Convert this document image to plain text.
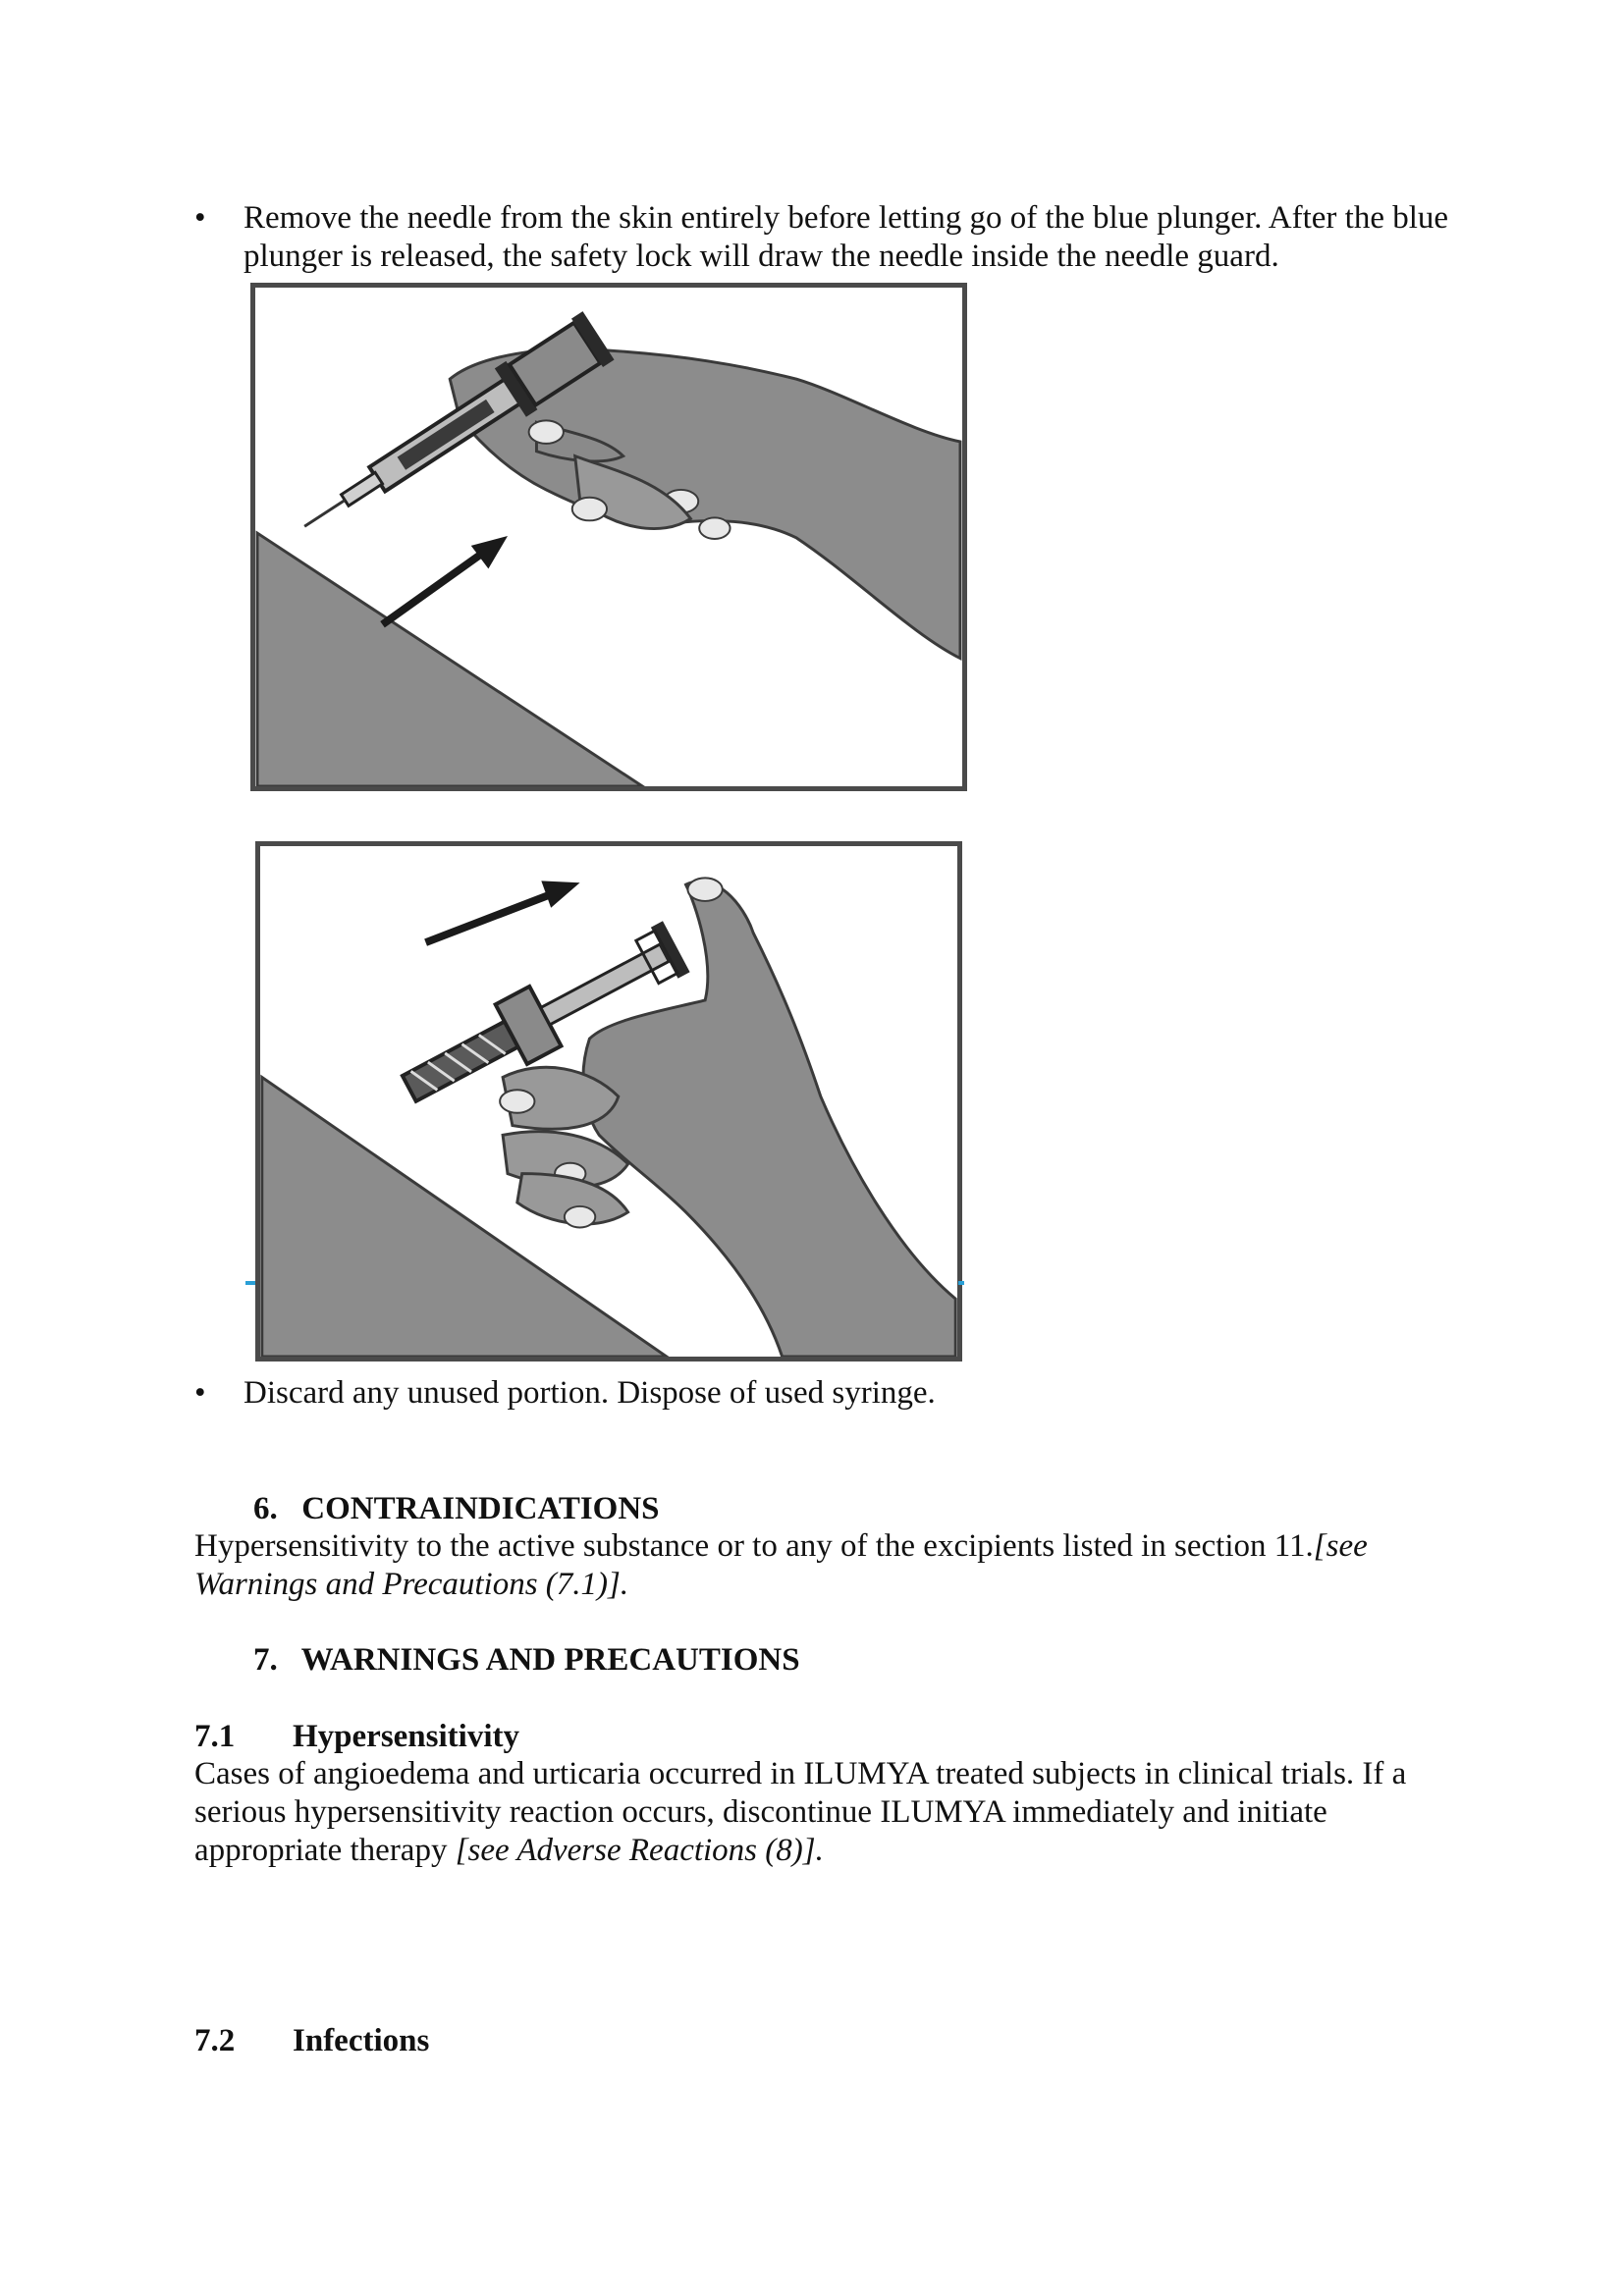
•	Remove the needle from the skin entirely before letting go of the blue plunger. After the blue plunger is released, the safety lock will draw the needle inside the needle guard.
•	Discard any unused portion. Dispose of used syringe.
6. CONTRAINDICATIONS
Hypersensitivity to the active substance or to any of the excipients listed in section 11.[see Warnings and Precautions (7.1)].
7. WARNINGS AND PRECAUTIONS
7.1 Hypersensitivity
Cases of angioedema and urticaria occurred in ILUMYA treated subjects in clinical trials. If a serious hypersensitivity reaction occurs, discontinue ILUMYA immediately and initiate appropriate therapy [see Adverse Reactions (8)].
7.2 Infections
